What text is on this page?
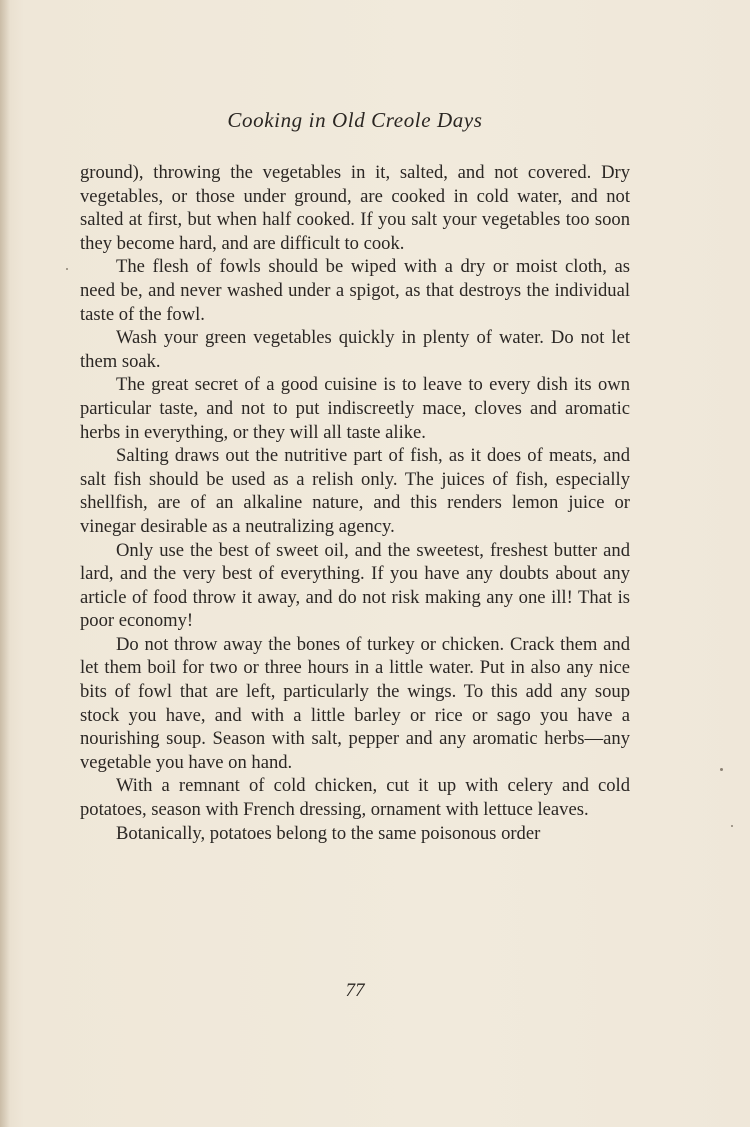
Cooking in Old Creole Days

ground), throwing the vegetables in it, salted, and not covered. Dry vegetables, or those under ground, are cooked in cold water, and not salted at first, but when half cooked. If you salt your vegetables too soon they become hard, and are difficult to cook.

The flesh of fowls should be wiped with a dry or moist cloth, as need be, and never washed under a spigot, as that destroys the individual taste of the fowl.

Wash your green vegetables quickly in plenty of water. Do not let them soak.

The great secret of a good cuisine is to leave to every dish its own particular taste, and not to put indiscreetly mace, cloves and aromatic herbs in everything, or they will all taste alike.

Salting draws out the nutritive part of fish, as it does of meats, and salt fish should be used as a relish only. The juices of fish, especially shellfish, are of an alkaline nature, and this renders lemon juice or vinegar desirable as a neutralizing agency.

Only use the best of sweet oil, and the sweetest, freshest butter and lard, and the very best of everything. If you have any doubts about any article of food throw it away, and do not risk making any one ill! That is poor economy!

Do not throw away the bones of turkey or chicken. Crack them and let them boil for two or three hours in a little water. Put in also any nice bits of fowl that are left, particularly the wings. To this add any soup stock you have, and with a little barley or rice or sago you have a nourishing soup. Season with salt, pepper and any aromatic herbs—any vegetable you have on hand.

With a remnant of cold chicken, cut it up with celery and cold potatoes, season with French dressing, ornament with lettuce leaves.

Botanically, potatoes belong to the same poisonous order

77
